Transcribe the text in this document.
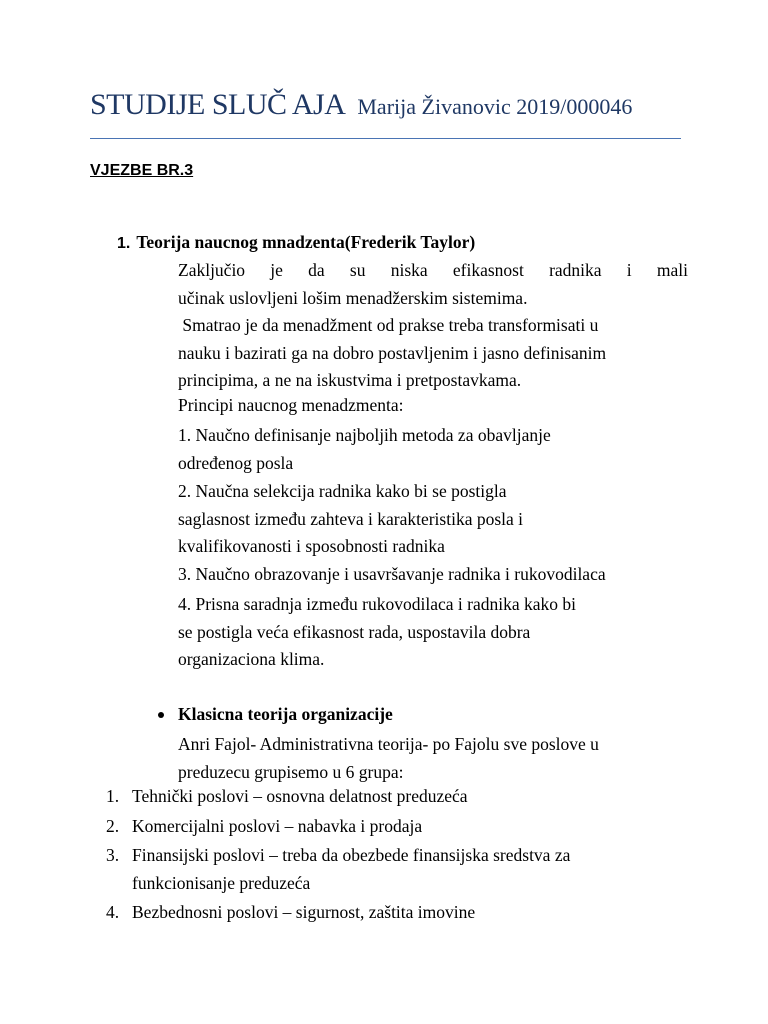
STUDIJE SLUČ AJA Marija Živanovic 2019/000046
VJEZBE BR.3
1. Teorija naucnog mnadzenta(Frederik Taylor)
Zaključio je da su niska efikasnost radnika i mali
učinak uslovljeni lošim menadžerskim sistemima.
Smatrao je da menadžment od prakse treba transformisati u
nauku i bazirati ga na dobro postavljenim i jasno definisanim
principima, a ne na iskustvima i pretpostavkama.
Principi naucnog menadzmenta:
1. Naučno definisanje najboljih metoda za obavljanje
određenog posla
2. Naučna selekcija radnika kako bi se postigla
saglasnost između zahteva i karakteristika posla i
kvalifikovanosti i sposobnosti radnika
3. Naučno obrazovanje i usavršavanje radnika i rukovodilaca
4. Prisna saradnja između rukovodilaca i radnika kako bi
se postigla veća efikasnost rada, uspostavila dobra
organizaciona klima.
Klasicna teorija organizacije
Anri Fajol- Administrativna teorija- po Fajolu sve poslove u
preduzecu grupisemo u 6 grupa:
1. Tehnički poslovi – osnovna delatnost preduzeća
2. Komercijalni poslovi – nabavka i prodaja
3. Finansijski poslovi – treba da obezbede finansijska sredstva za
funkcionisanje preduzeća
4. Bezbednosni poslovi – sigurnost, zaštita imovine
